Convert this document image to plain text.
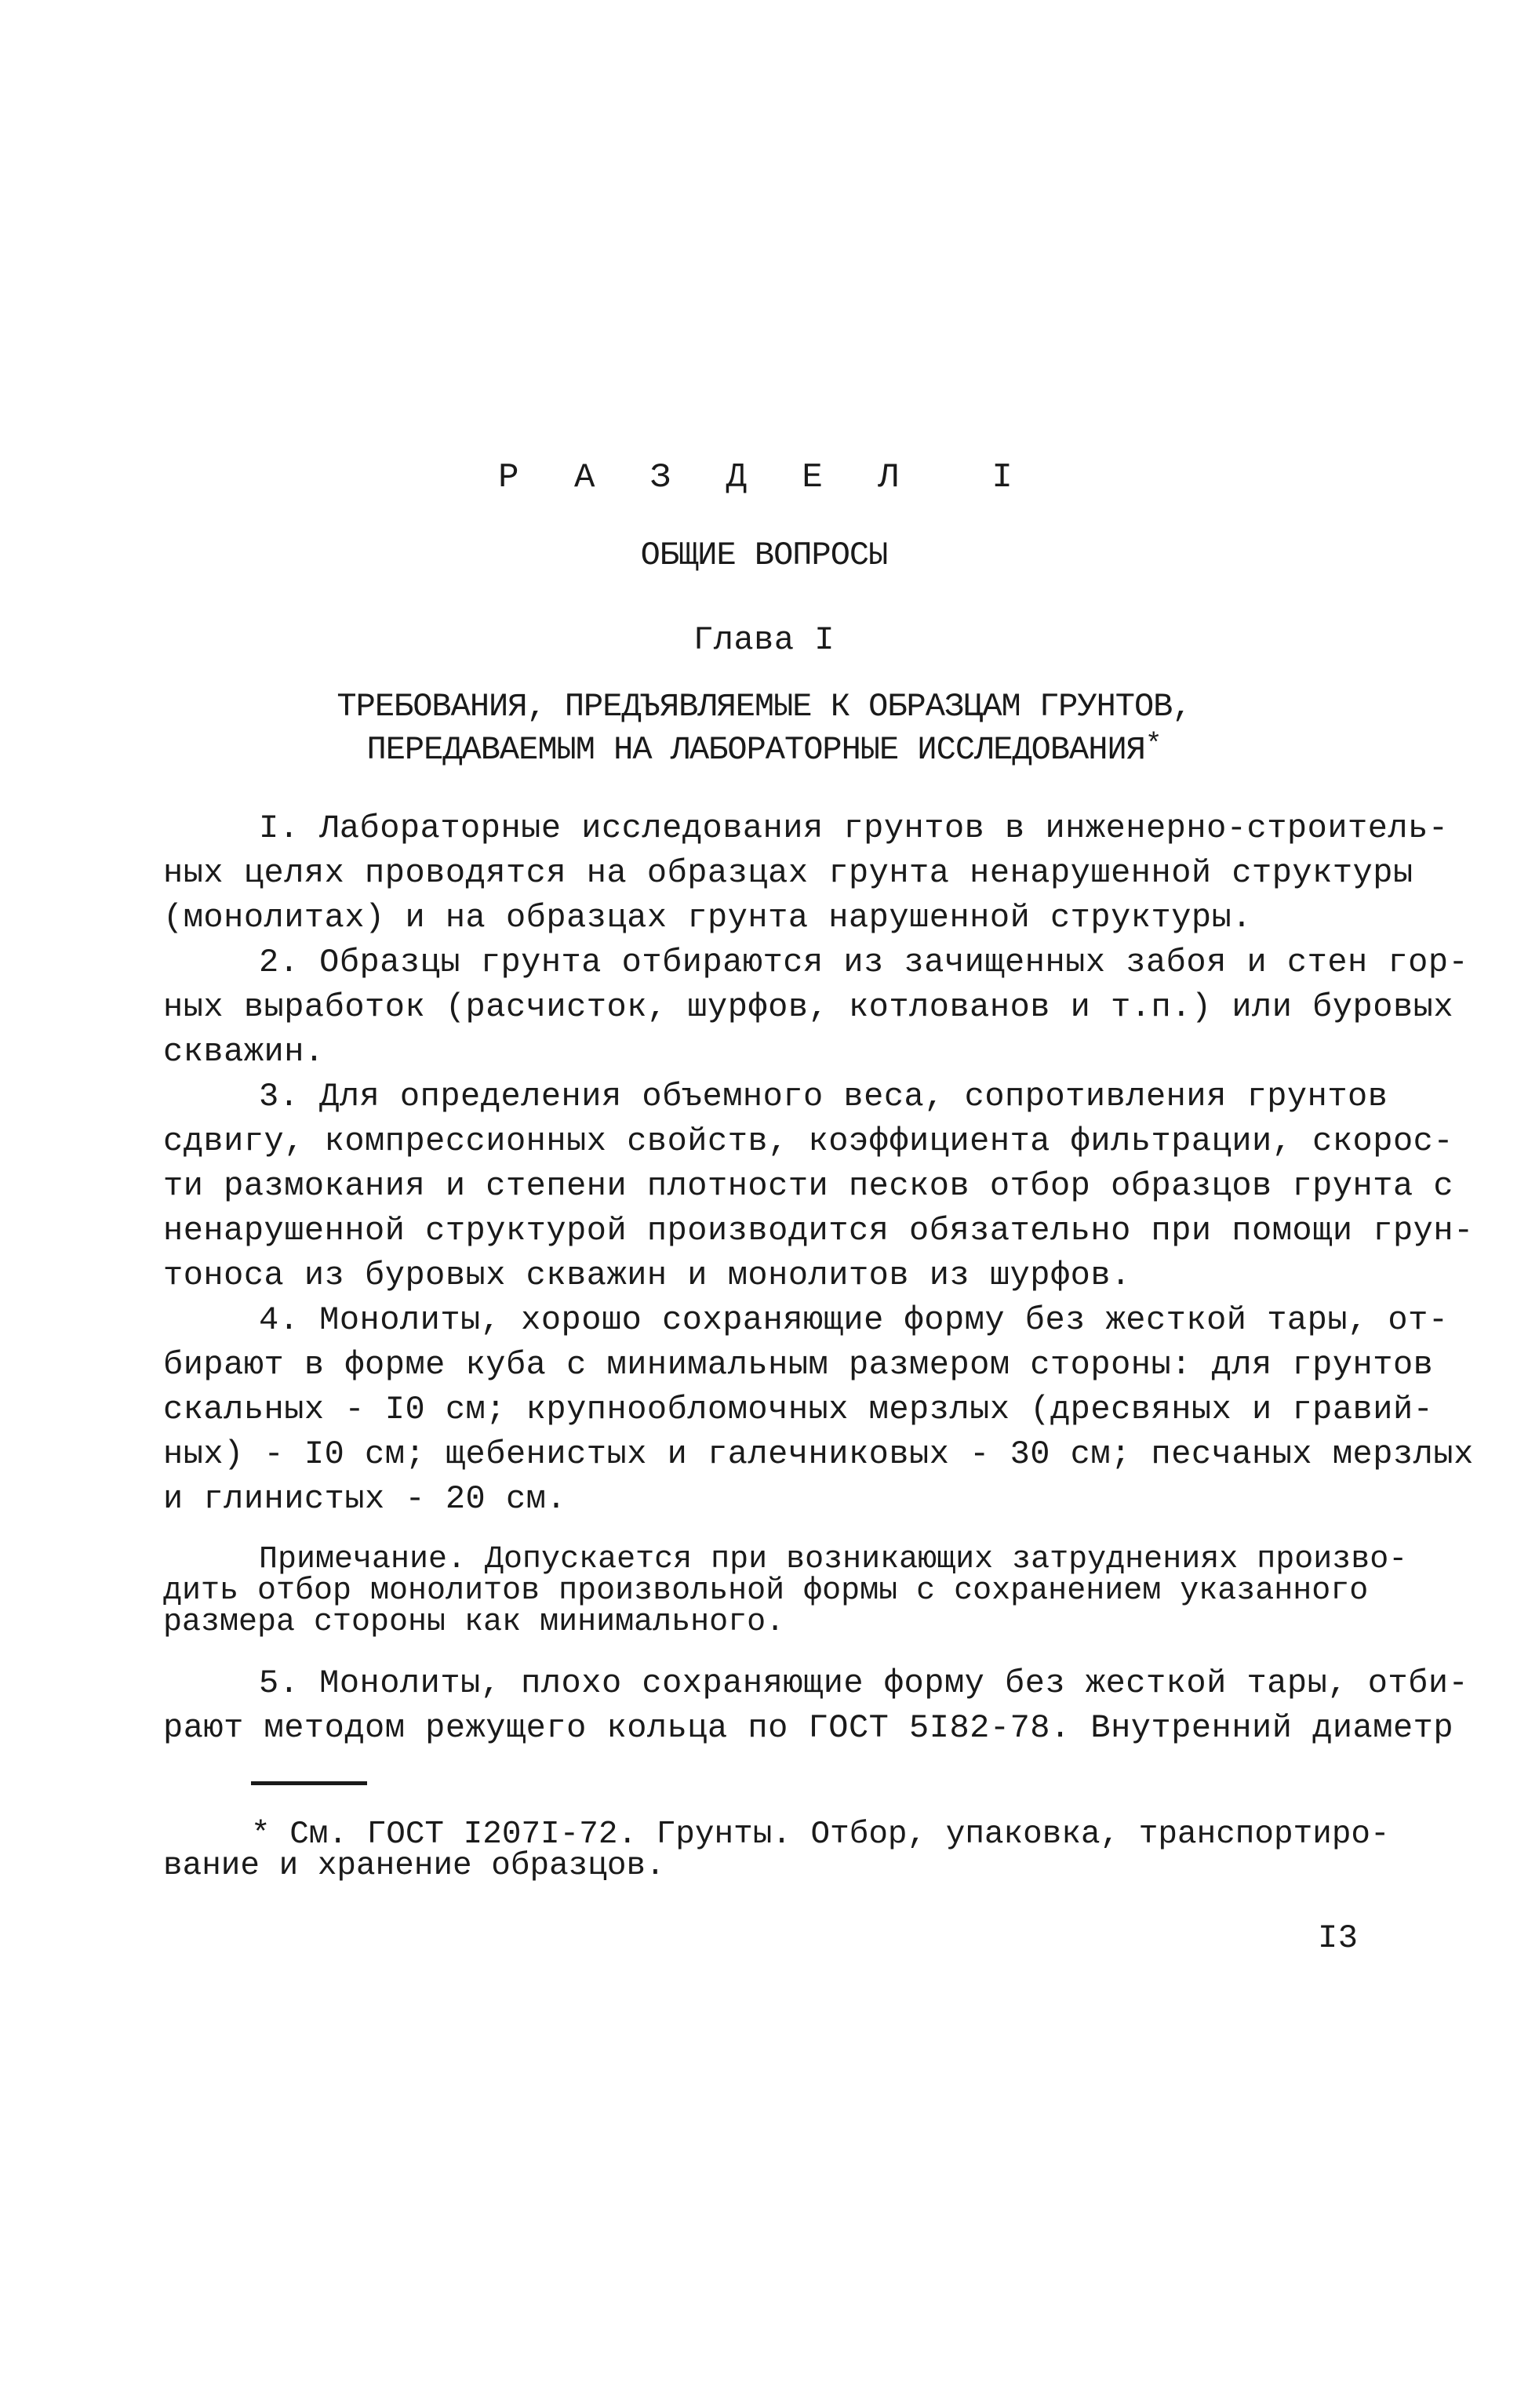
Р А З Д Е Л  I
ОБЩИЕ ВОПРОСЫ
Глава I
ТРЕБОВАНИЯ, ПРЕДЪЯВЛЯЕМЫЕ К ОБРАЗЦАМ ГРУНТОВ,
ПЕРЕДАВАЕМЫМ НА ЛАБОРАТОРНЫЕ ИССЛЕДОВАНИЯ*
I. Лабораторные исследования грунтов в инженерно-строитель-
ных целях проводятся на образцах грунта ненарушенной структуры
(монолитах) и на образцах грунта нарушенной структуры.
2. Образцы грунта отбираются из зачищенных забоя и стен гор-
ных выработок (расчисток, шурфов, котлованов и т.п.) или буровых
скважин.
3. Для определения объемного веса, сопротивления грунтов
сдвигу, компрессионных свойств, коэффициента фильтрации, скорос-
ти размокания и степени плотности песков отбор образцов грунта с
ненарушенной структурой производится обязательно при помощи грун-
тоноса из буровых скважин и монолитов из шурфов.
4. Монолиты, хорошо сохраняющие форму без жесткой тары, от-
бирают в форме куба с минимальным размером стороны: для грунтов
скальных - I0 см; крупнообломочных мерзлых (дресвяных и гравий-
ных) - I0 см; щебенистых и галечниковых - 30 см; песчаных мерзлых
и глинистых - 20 см.
Примечание. Допускается при возникающих затруднениях произво-
дить отбор монолитов произвольной формы с сохранением указанного
размера стороны как минимального.
5. Монолиты, плохо сохраняющие форму без жесткой тары, отби-
рают методом режущего кольца по ГОСТ 5I82-78. Внутренний диаметр
* См. ГОСТ I207I-72. Грунты. Отбор, упаковка, транспортиро-
вание и хранение образцов.
I3
